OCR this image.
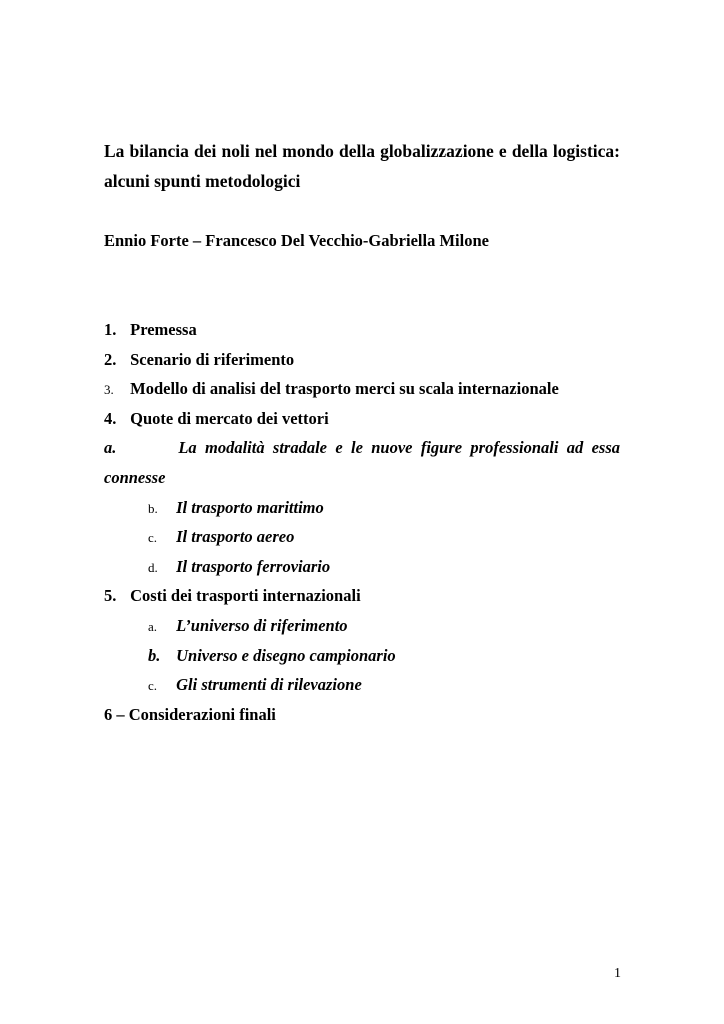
La bilancia dei noli nel mondo della globalizzazione e della logistica: alcuni spunti metodologici

Ennio Forte – Francesco Del Vecchio-Gabriella Milone

1. Premessa
2. Scenario di riferimento
3. Modello di analisi del trasporto merci su scala internazionale
4. Quote di mercato dei vettori
a.	La modalità stradale e le nuove figure professionali ad essa
connesse
b. Il trasporto marittimo
c. Il trasporto aereo
d. Il trasporto ferroviario
5. Costi dei trasporti internazionali
a. L’universo di riferimento
b. Universo e disegno campionario
c. Gli strumenti di rilevazione
6 – Considerazioni finali
1
